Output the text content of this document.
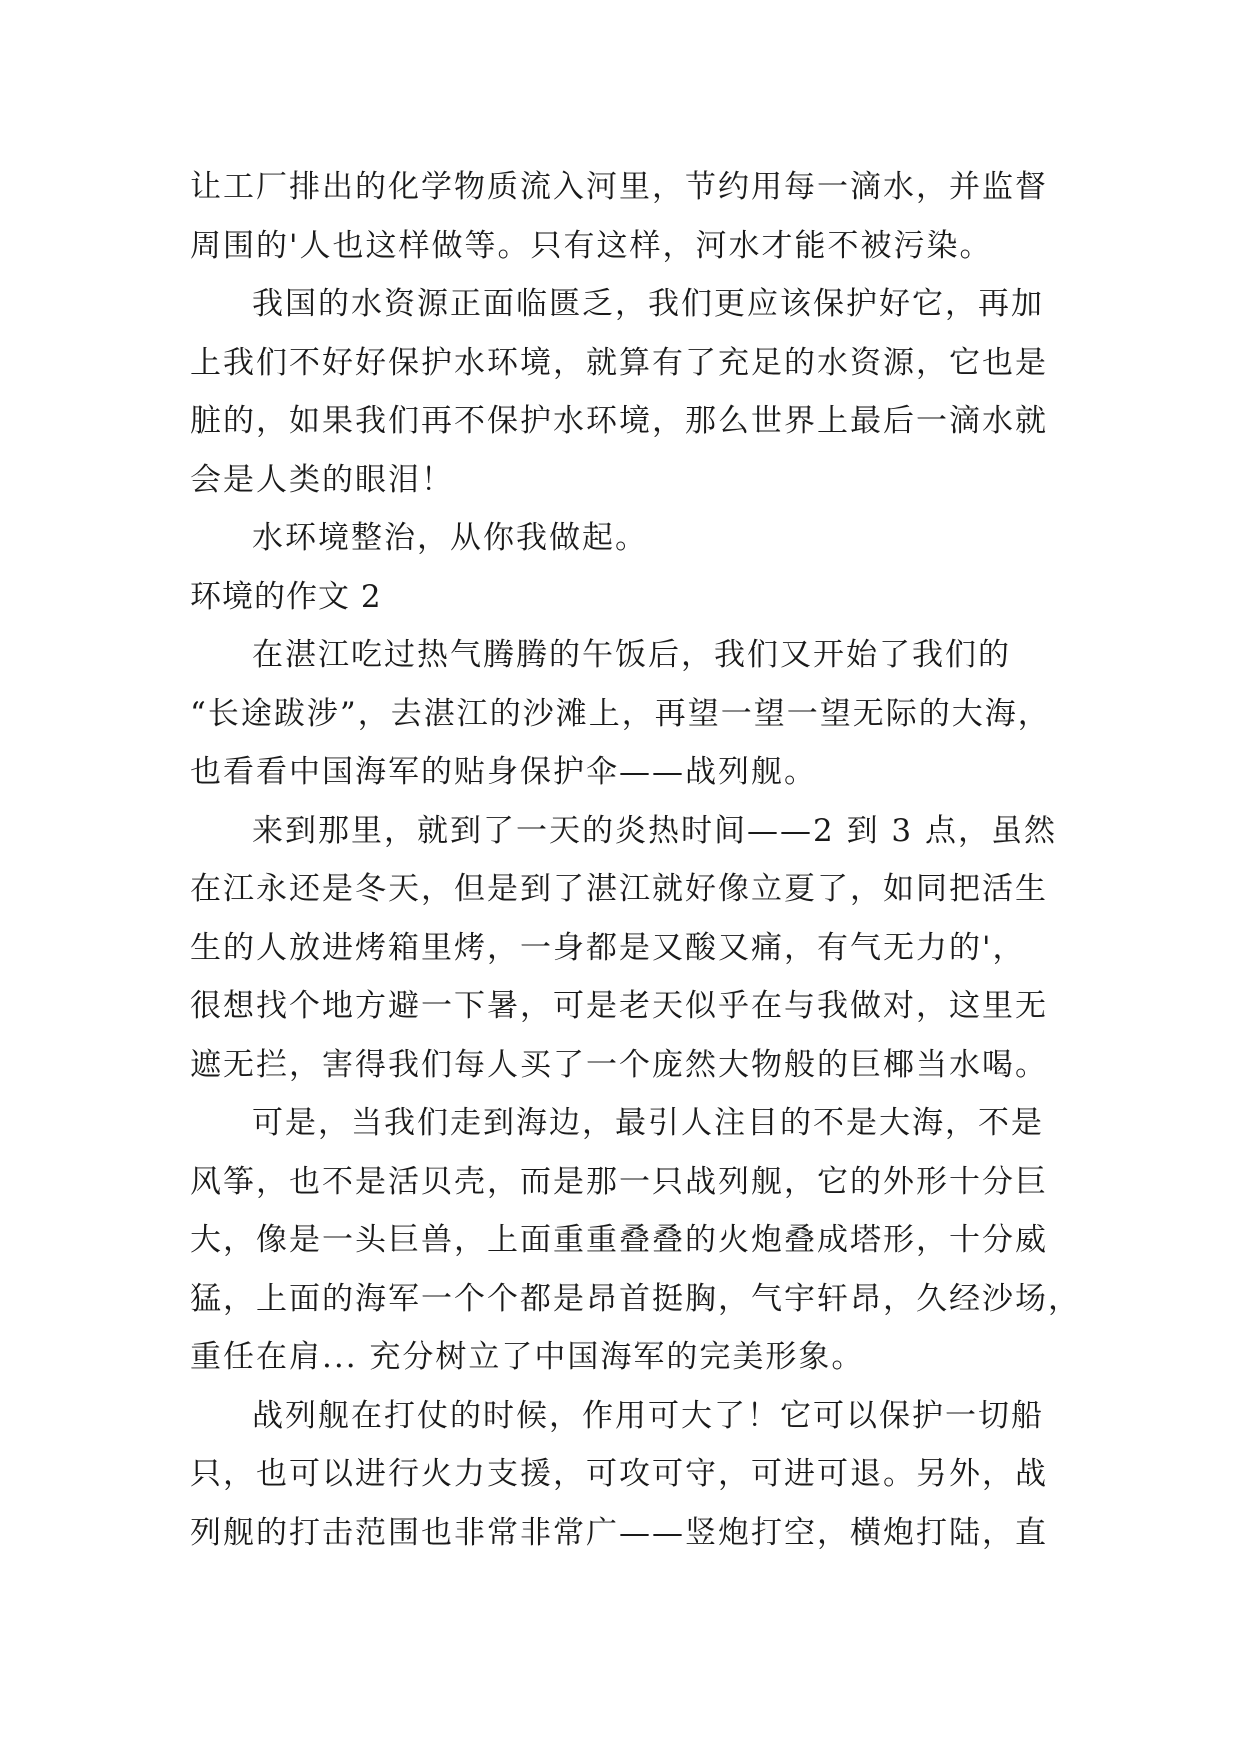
让工厂排出的化学物质流入河里，节约用每一滴水，并监督
周围的'人也这样做等。只有这样，河水才能不被污染。
我国的水资源正面临匮乏，我们更应该保护好它，再加
上我们不好好保护水环境，就算有了充足的水资源，它也是
脏的，如果我们再不保护水环境，那么世界上最后一滴水就
会是人类的眼泪！
水环境整治，从你我做起。
环境的作文 2
在湛江吃过热气腾腾的午饭后，我们又开始了我们的
“长途跋涉”，去湛江的沙滩上，再望一望一望无际的大海，
也看看中国海军的贴身保护伞——战列舰。
来到那里，就到了一天的炎热时间——2 到 3 点，虽然
在江永还是冬天，但是到了湛江就好像立夏了，如同把活生
生的人放进烤箱里烤，一身都是又酸又痛，有气无力的'，
很想找个地方避一下暑，可是老天似乎在与我做对，这里无
遮无拦，害得我们每人买了一个庞然大物般的巨椰当水喝。
可是，当我们走到海边，最引人注目的不是大海，不是
风筝，也不是活贝壳，而是那一只战列舰，它的外形十分巨
大，像是一头巨兽，上面重重叠叠的火炮叠成塔形，十分威
猛，上面的海军一个个都是昂首挺胸，气宇轩昂，久经沙场，
重任在肩... 充分树立了中国海军的完美形象。
战列舰在打仗的时候，作用可大了！它可以保护一切船
只，也可以进行火力支援，可攻可守，可进可退。另外，战
列舰的打击范围也非常非常广——竖炮打空，横炮打陆，直
